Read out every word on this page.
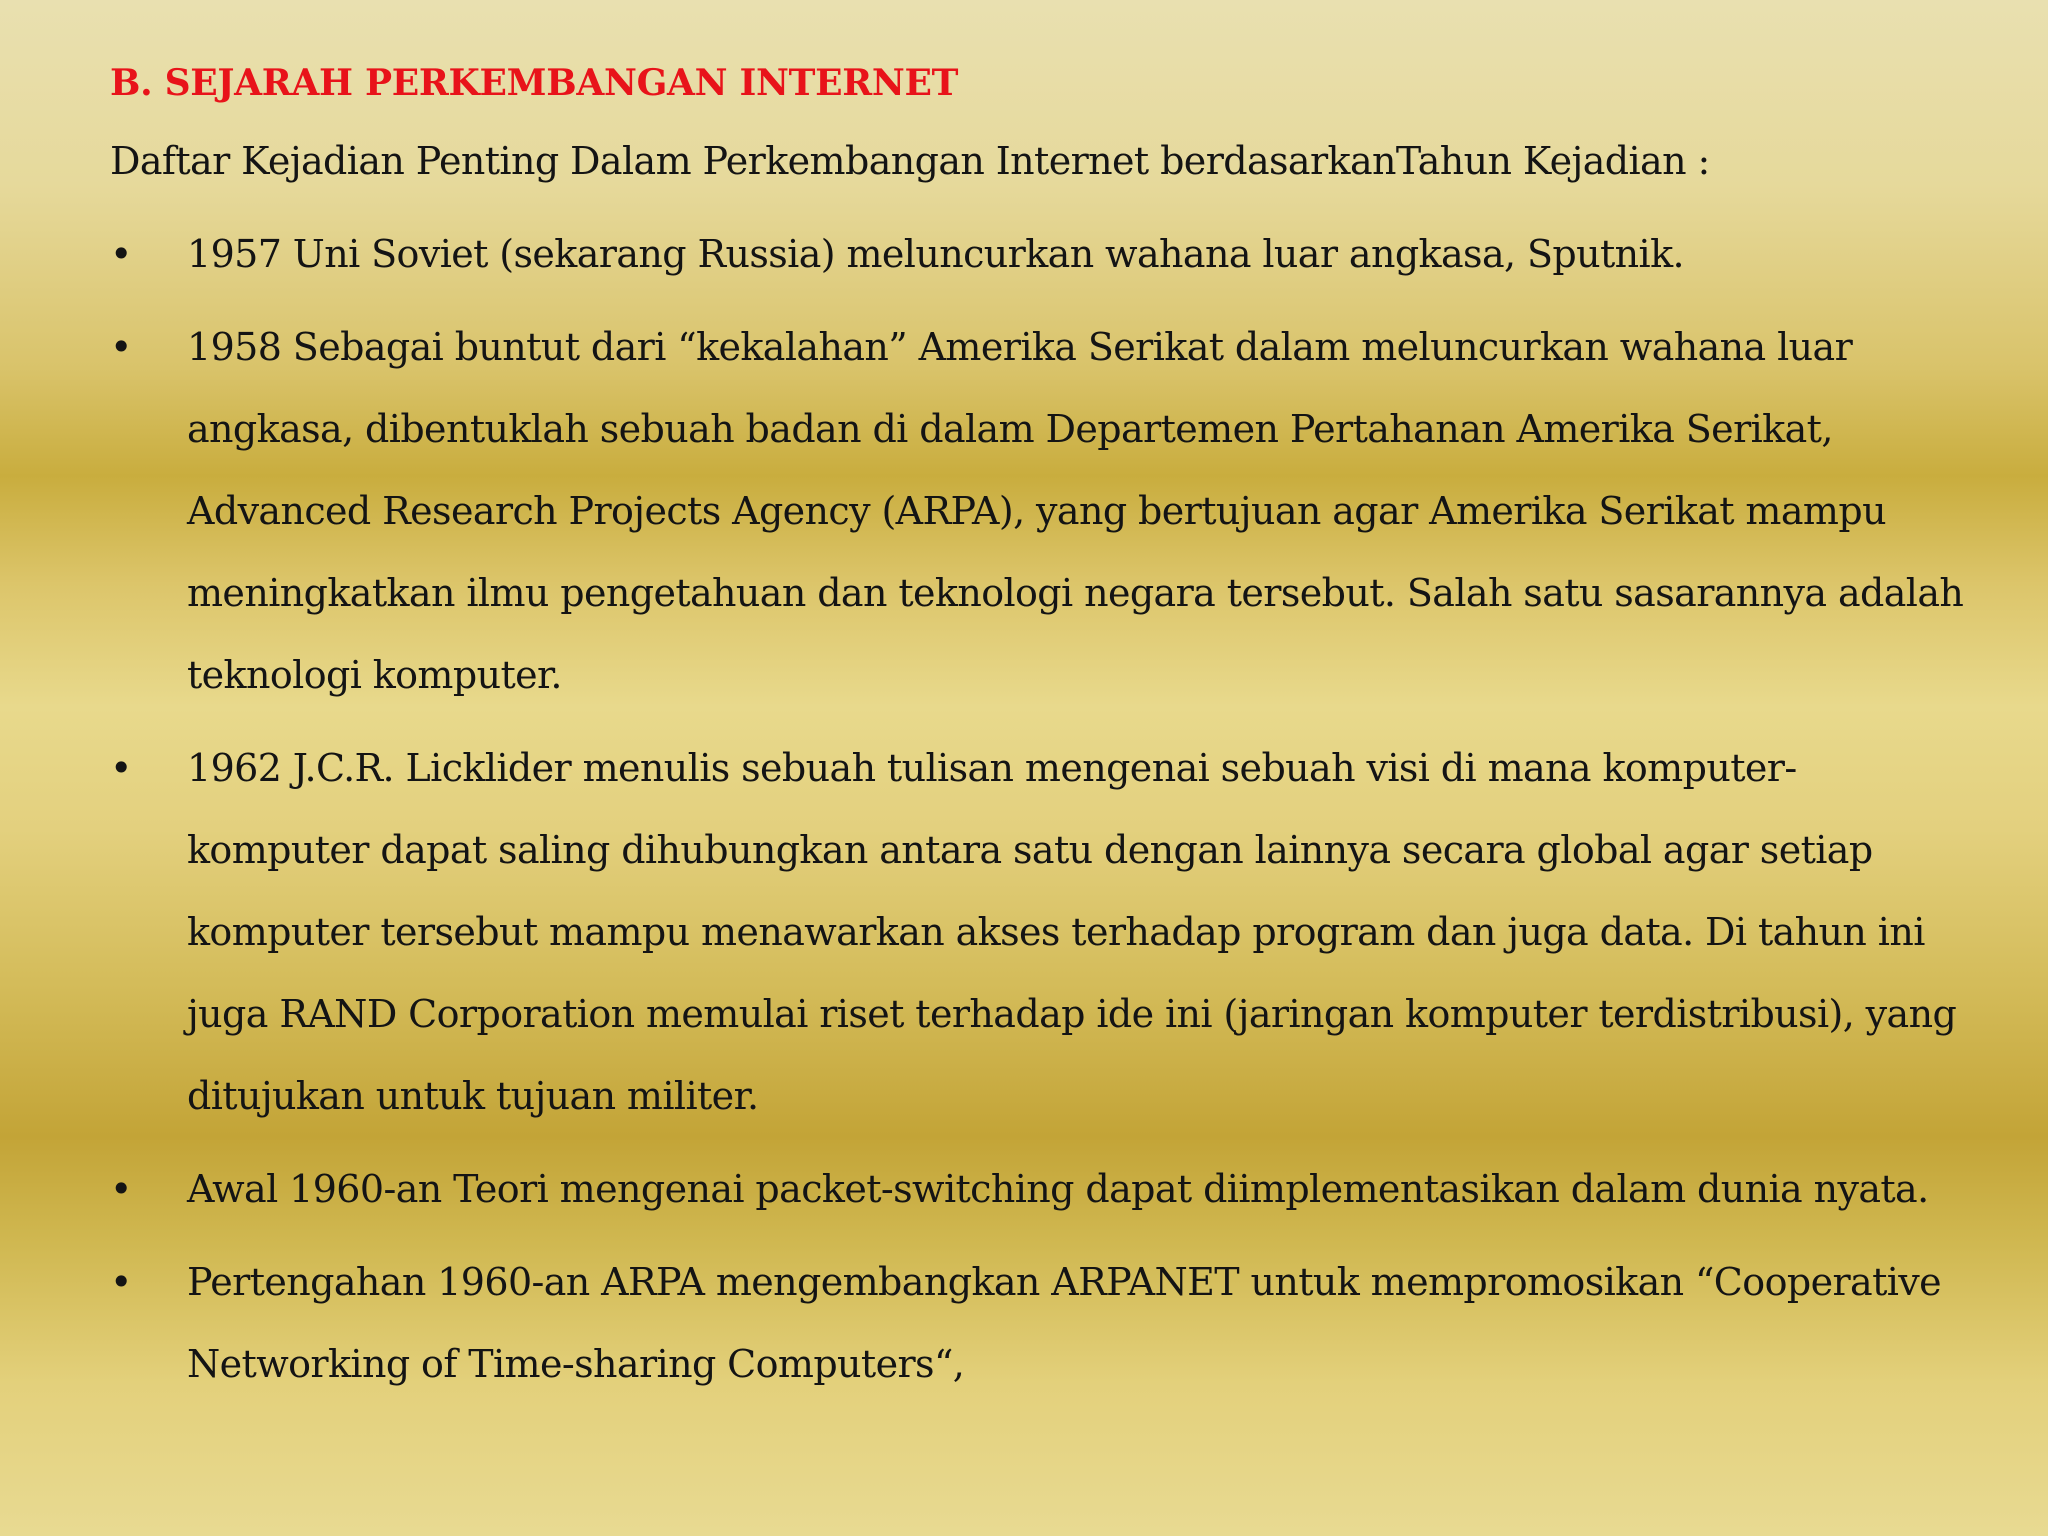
B. SEJARAH PERKEMBANGAN INTERNET

Daftar Kejadian Penting Dalam Perkembangan Internet berdasarkanTahun Kejadian :

•	1957 Uni Soviet (sekarang Russia) meluncurkan wahana luar angkasa, Sputnik.
•	1958 Sebagai buntut dari “kekalahan” Amerika Serikat dalam meluncurkan wahana luar angkasa, dibentuklah sebuah badan di dalam Departemen Pertahanan Amerika Serikat, Advanced Research Projects Agency (ARPA), yang bertujuan agar Amerika Serikat mampu meningkatkan ilmu pengetahuan dan teknologi negara tersebut. Salah satu sasarannya adalah teknologi komputer.
•	1962 J.C.R. Licklider menulis sebuah tulisan mengenai sebuah visi di mana komputer-komputer dapat saling dihubungkan antara satu dengan lainnya secara global agar setiap komputer tersebut mampu menawarkan akses terhadap program dan juga data. Di tahun ini juga RAND Corporation memulai riset terhadap ide ini (jaringan komputer terdistribusi), yang ditujukan untuk tujuan militer.
•	Awal 1960-an Teori mengenai packet-switching dapat diimplementasikan dalam dunia nyata.
•	Pertengahan 1960-an ARPA mengembangkan ARPANET untuk mempromosikan “Cooperative Networking of Time-sharing Computers“,
